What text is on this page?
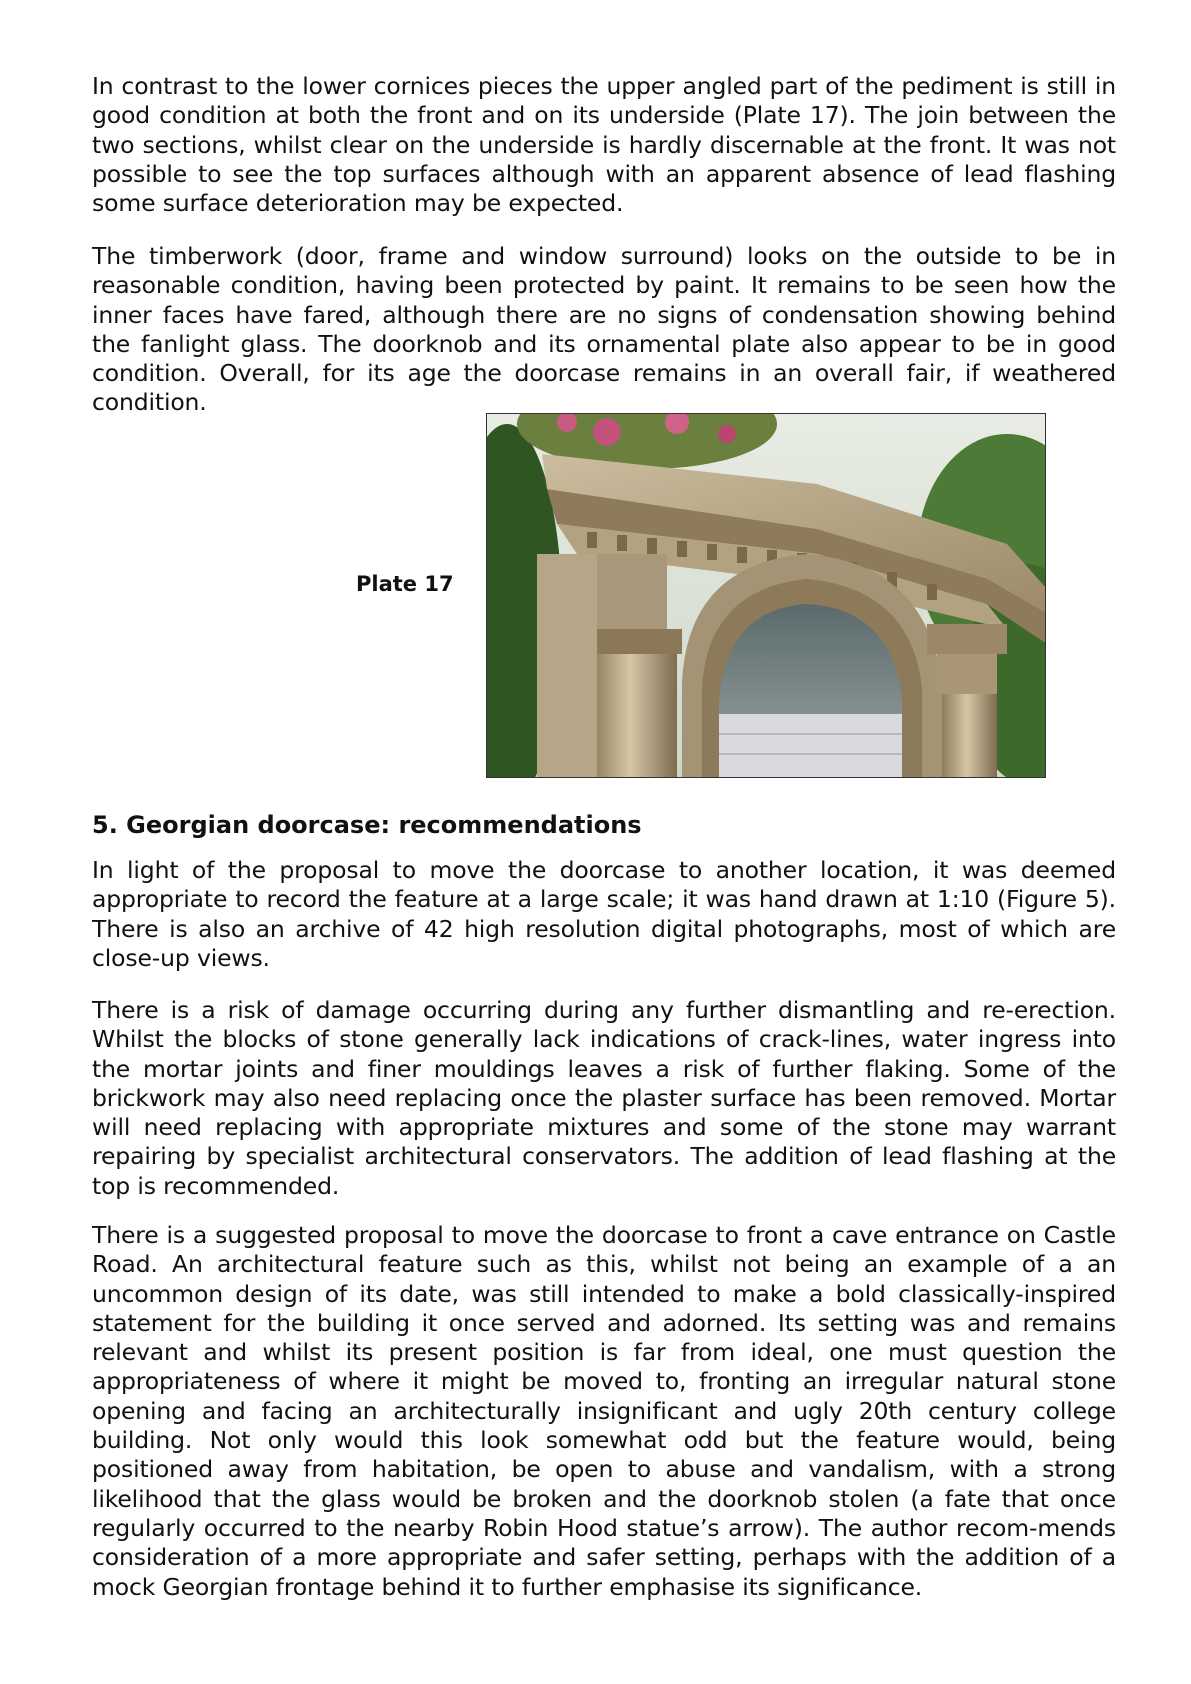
In contrast to the lower cornices pieces the upper angled part of the pediment is still in good condition at both the front and on its underside (Plate 17). The join between the two sections, whilst clear on the underside is hardly discernable at the front. It was not possible to see the top surfaces although with an apparent absence of lead flashing some surface deterioration may be expected.

The timberwork (door, frame and window surround) looks on the outside to be in reasonable condition, having been protected by paint. It remains to be seen how the inner faces have fared, although there are no signs of condensation showing behind the fanlight glass. The doorknob and its ornamental plate also appear to be in good condition. Overall, for its age the doorcase remains in an overall fair, if weathered condition.

Plate 17
5. Georgian doorcase: recommendations

In light of the proposal to move the doorcase to another location, it was deemed appropriate to record the feature at a large scale; it was hand drawn at 1:10 (Figure 5). There is also an archive of 42 high resolution digital photographs, most of which are close-up views.

There is a risk of damage occurring during any further dismantling and re-erection. Whilst the blocks of stone generally lack indications of crack-lines, water ingress into the mortar joints and finer mouldings leaves a risk of further flaking. Some of the brickwork may also need replacing once the plaster surface has been removed. Mortar will need replacing with appropriate mixtures and some of the stone may warrant repairing by specialist architectural conservators. The addition of lead flashing at the top is recommended.

There is a suggested proposal to move the doorcase to front a cave entrance on Castle Road. An architectural feature such as this, whilst not being an example of a an uncommon design of its date, was still intended to make a bold classically-inspired statement for the building it once served and adorned. Its setting was and remains relevant and whilst its present position is far from ideal, one must question the appropriateness of where it might be moved to, fronting an irregular natural stone opening and facing an architecturally insignificant and ugly 20th century college building. Not only would this look somewhat odd but the feature would, being positioned away from habitation, be open to abuse and vandalism, with a strong likelihood that the glass would be broken and the doorknob stolen (a fate that once regularly occurred to the nearby Robin Hood statue’s arrow). The author recom-mends consideration of a more appropriate and safer setting, perhaps with the addition of a mock Georgian frontage behind it to further emphasise its significance.
